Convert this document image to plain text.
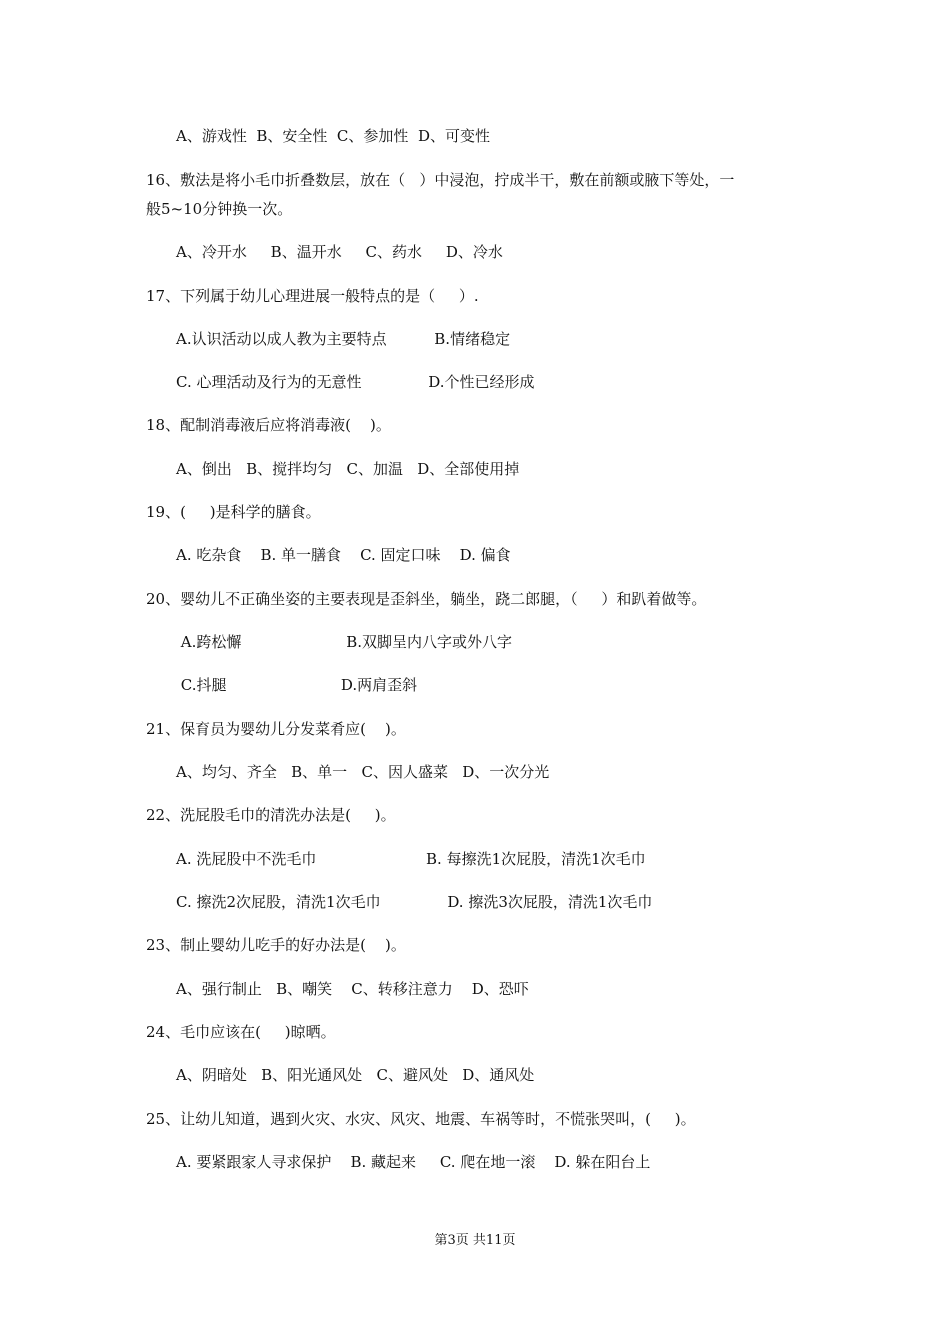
A、游戏性  B、安全性  C、参加性  D、可变性
16、敷法是将小毛巾折叠数层，放在（   ）中浸泡，拧成半干，敷在前额或腋下等处，一
般5~10分钟换一次。
A、冷开水     B、温开水     C、药水     D、冷水
17、下列属于幼儿心理进展一般特点的是（     ）.
A.认识活动以成人教为主要特点          B.情绪稳定
C. 心理活动及行为的无意性              D.个性已经形成
18、配制消毒液后应将消毒液(    )。
A、倒出   B、搅拌均匀   C、加温   D、全部使用掉
19、(     )是科学的膳食。
A. 吃杂食    B. 单一膳食    C. 固定口味    D. 偏食
20、婴幼儿不正确坐姿的主要表现是歪斜坐，躺坐，跷二郎腿，（     ）和趴着做等。
A.跨松懈                      B.双脚呈内八字或外八字
C.抖腿                        D.两肩歪斜
21、保育员为婴幼儿分发菜肴应(    )。
A、均匀、齐全   B、单一   C、因人盛菜   D、一次分光
22、洗屁股毛巾的清洗办法是(     )。
A. 洗屁股中不洗毛巾                       B. 每擦洗1次屁股，清洗1次毛巾
C. 擦洗2次屁股，清洗1次毛巾              D. 擦洗3次屁股，清洗1次毛巾
23、制止婴幼儿吃手的好办法是(    )。
A、强行制止   B、嘲笑    C、转移注意力    D、恐吓
24、毛巾应该在(     )晾晒。
A、阴暗处   B、阳光通风处   C、避风处   D、通风处
25、让幼儿知道，遇到火灾、水灾、风灾、地震、车祸等时，不慌张哭叫，(     )。
A. 要紧跟家人寻求保护    B. 藏起来     C. 爬在地一滚    D. 躲在阳台上
第3页 共11页
